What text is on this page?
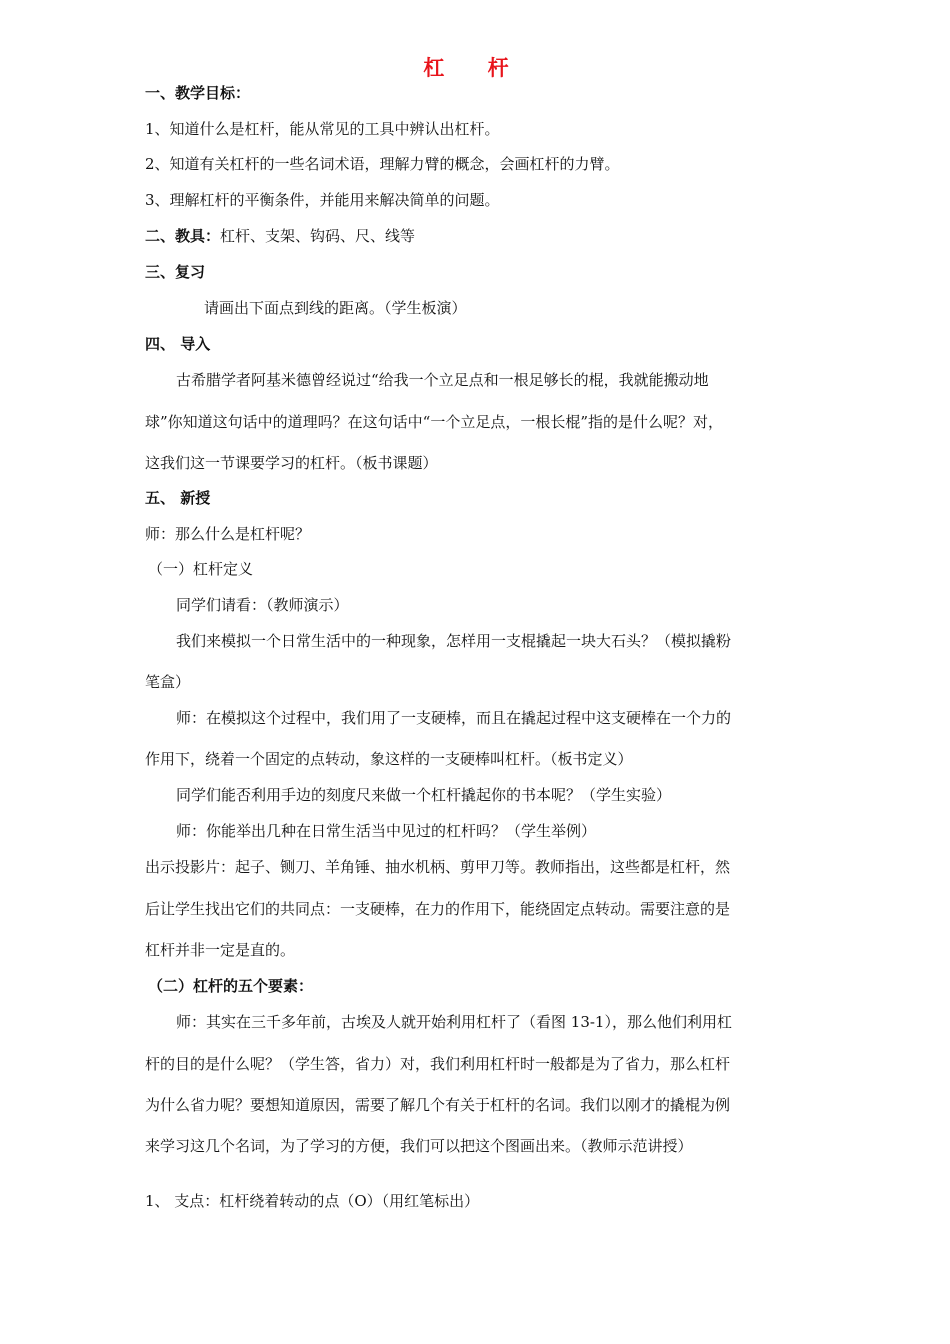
杠 杆
一、教学目标：
1、知道什么是杠杆，能从常见的工具中辨认出杠杆。
2、知道有关杠杆的一些名词术语，理解力臂的概念，会画杠杆的力臂。
3、理解杠杆的平衡条件，并能用来解决简单的问题。
二、教具：杠杆、支架、钩码、尺、线等
三、复习
请画出下面点到线的距离。（学生板演）
四、 导入
古希腊学者阿基米德曾经说过“给我一个立足点和一根足够长的棍，我就能搬动地
球”你知道这句话中的道理吗？在这句话中“一个立足点，一根长棍”指的是什么呢？对，
这我们这一节课要学习的杠杆。（板书课题）
五、 新授
师：那么什么是杠杆呢？
（一）杠杆定义
同学们请看：（教师演示）
我们来模拟一个日常生活中的一种现象，怎样用一支棍撬起一块大石头？（模拟撬粉
笔盒）
师：在模拟这个过程中，我们用了一支硬棒，而且在撬起过程中这支硬棒在一个力的
作用下，绕着一个固定的点转动，象这样的一支硬棒叫杠杆。（板书定义）
同学们能否利用手边的刻度尺来做一个杠杆撬起你的书本呢？（学生实验）
师：你能举出几种在日常生活当中见过的杠杆吗？（学生举例）
出示投影片：起子、铡刀、羊角锤、抽水机柄、剪甲刀等。教师指出，这些都是杠杆，然
后让学生找出它们的共同点：一支硬棒，在力的作用下，能绕固定点转动。需要注意的是
杠杆并非一定是直的。
（二）杠杆的五个要素：
师：其实在三千多年前，古埃及人就开始利用杠杆了（看图 13-1），那么他们利用杠
杆的目的是什么呢？（学生答，省力）对，我们利用杠杆时一般都是为了省力，那么杠杆
为什么省力呢？要想知道原因，需要了解几个有关于杠杆的名词。我们以刚才的撬棍为例
来学习这几个名词，为了学习的方便，我们可以把这个图画出来。（教师示范讲授）
1、 支点：杠杆绕着转动的点（O）（用红笔标出）
